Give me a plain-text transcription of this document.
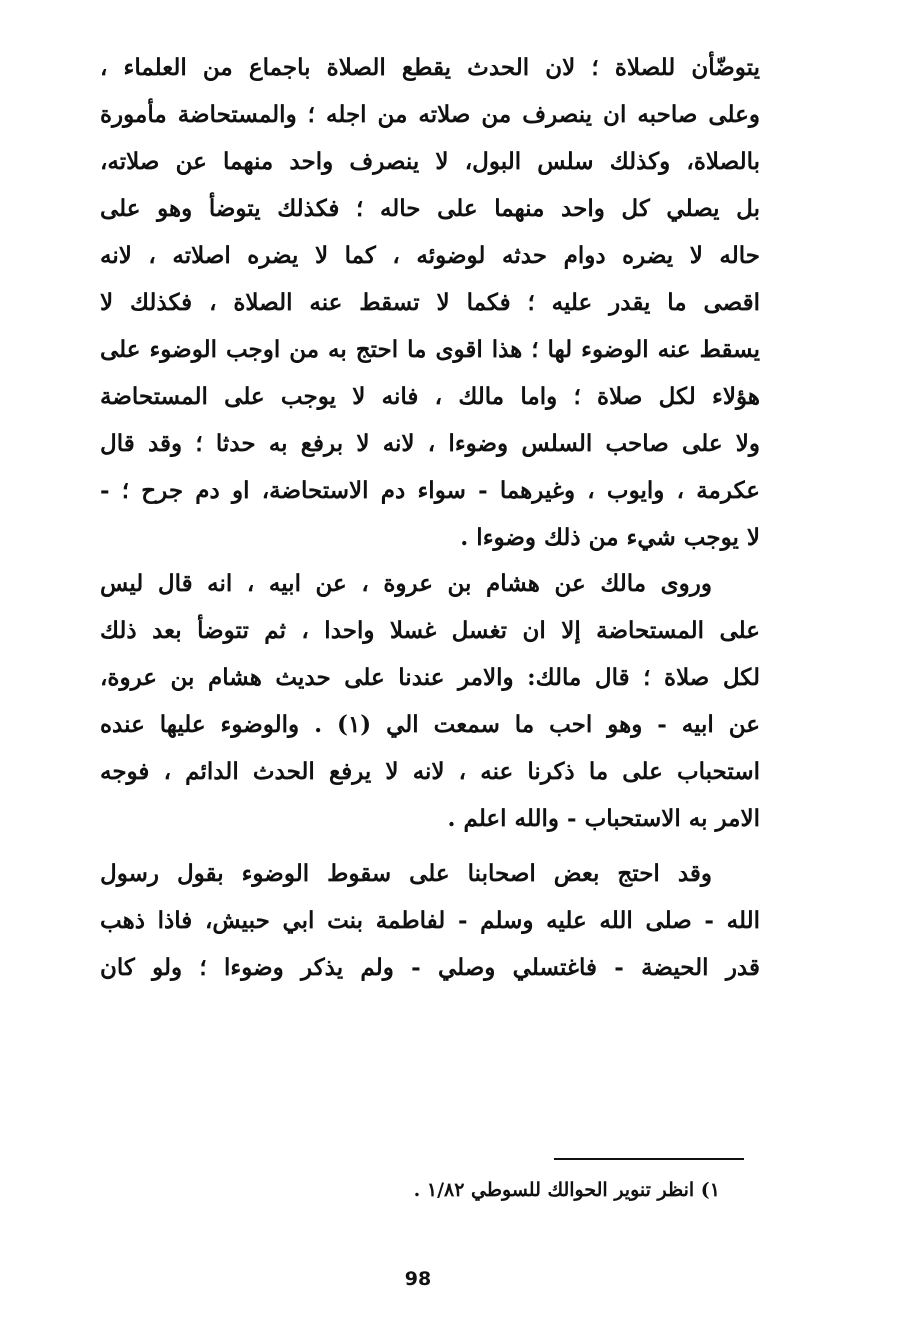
يتوضّأن للصلاة ؛ لان الحدث يقطع الصلاة باجماع من العلماء ،
وعلى صاحبه ان ينصرف من صلاته من اجله ؛ والمستحاضة مأمورة
بالصلاة، وكذلك سلس البول، لا ينصرف واحد منهما عن صلاته،
بل يصلي كل واحد منهما على حاله ؛ فكذلك يتوضأ وهو على
حاله لا يضره دوام حدثه لوضوئه ، كما لا يضره اصلاته ، لانه
اقصى ما يقدر عليه ؛ فكما لا تسقط عنه الصلاة ، فكذلك لا
يسقط عنه الوضوء لها ؛ هذا اقوى ما احتج به من اوجب الوضوء على
هؤلاء لكل صلاة ؛ واما مالك ، فانه لا يوجب على المستحاضة
ولا على صاحب السلس وضوءا ، لانه لا برفع به حدثا ؛ وقد قال
عكرمة ، وايوب ، وغيرهما - سواء دم الاستحاضة، او دم جرح ؛ -
لا يوجب شيء من ذلك وضوءا .
وروى مالك عن هشام بن عروة ، عن ابيه ، انه قال ليس
على المستحاضة إلا ان تغسل غسلا واحدا ، ثم تتوضأ بعد ذلك
لكل صلاة ؛ قال مالك: والامر عندنا على حديث هشام بن عروة،
عن ابيه - وهو احب ما سمعت الي (١) . والوضوء عليها عنده
استحباب على ما ذكرنا عنه ، لانه لا يرفع الحدث الدائم ، فوجه
الامر به الاستحباب - والله اعلم .
وقد احتج بعض اصحابنا على سقوط الوضوء بقول رسول
الله - صلى الله عليه وسلم - لفاطمة بنت ابي حبيش، فاذا ذهب
قدر الحيضة - فاغتسلي وصلي - ولم يذكر وضوءا ؛ ولو كان
١) انظر تنوير الحوالك للسوطي ١/٨٢ .
98
